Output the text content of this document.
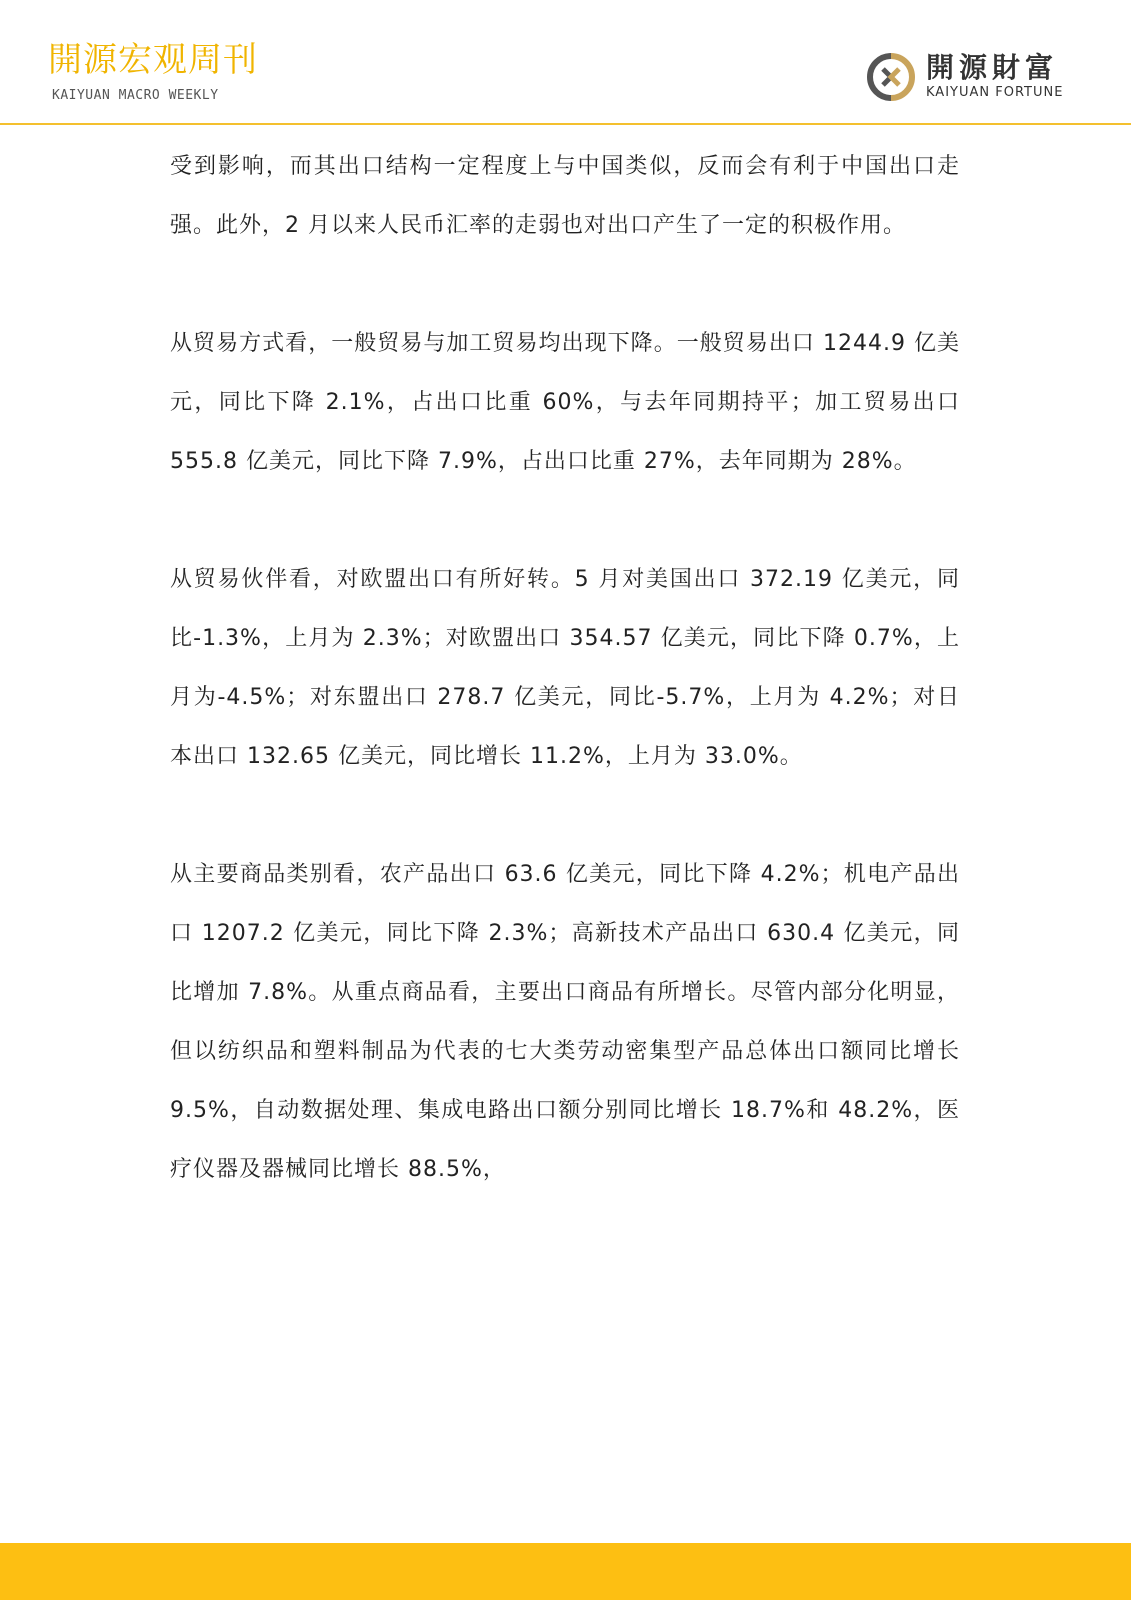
開源宏观周刊
KAIYUAN MACRO WEEKLY
開源財富
KAIYUAN FORTUNE

受到影响，而其出口结构一定程度上与中国类似，反而会有利于中国出口走强。此外，2 月以来人民币汇率的走弱也对出口产生了一定的积极作用。

从贸易方式看，一般贸易与加工贸易均出现下降。一般贸易出口 1244.9 亿美元，同比下降 2.1%，占出口比重 60%，与去年同期持平；加工贸易出口 555.8 亿美元，同比下降 7.9%，占出口比重 27%，去年同期为 28%。

从贸易伙伴看，对欧盟出口有所好转。5 月对美国出口 372.19 亿美元，同比-1.3%，上月为 2.3%；对欧盟出口 354.57 亿美元，同比下降 0.7%，上月为-4.5%；对东盟出口 278.7 亿美元，同比-5.7%，上月为 4.2%；对日本出口 132.65 亿美元，同比增长 11.2%，上月为 33.0%。

从主要商品类别看，农产品出口 63.6 亿美元，同比下降 4.2%；机电产品出口 1207.2 亿美元，同比下降 2.3%；高新技术产品出口 630.4 亿美元，同比增加 7.8%。从重点商品看，主要出口商品有所增长。尽管内部分化明显，但以纺织品和塑料制品为代表的七大类劳动密集型产品总体出口额同比增长 9.5%，自动数据处理、集成电路出口额分别同比增长 18.7%和 48.2%，医疗仪器及器械同比增长 88.5%，
